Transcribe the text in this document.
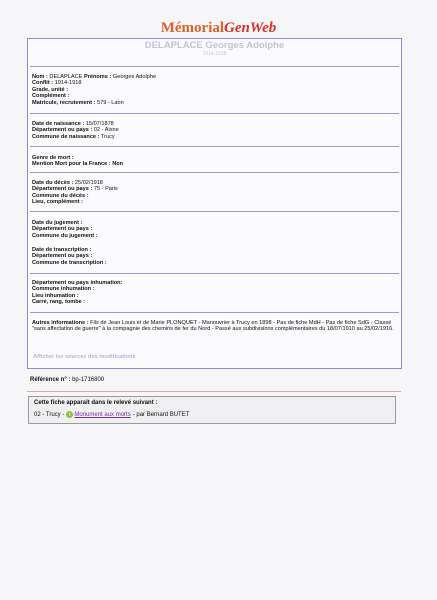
MémorialGenWeb
DELAPLACE Georges Adolphe
1914-1918
Nom : DELAPLACE Prénoms : Georges Adolphe
Conflit : 1914-1918
Grade, unité :
Complément :
Matricule, recrutement : 579 - Laon
Date de naissance : 15/07/1878
Département ou pays : 02 - Aisne
Commune de naissance : Trucy
Genre de mort :
Mention Mort pour la France : Non
Date du décès : 25/02/1918
Département ou pays : 75 - Paris
Commune du décès :
Lieu, complément :
Date du jugement :
Département ou pays :
Commune du jugement :
Date de transcription :
Département ou pays :
Commune de transcription :
Département ou pays inhumation:
Commune inhumation :
Lieu inhumation :
Carré, rang, tombe :
Autres informations : Fils de Jean Louis et de Marie PLONQUET - Manouvrier à Trucy en 1898 - Pas de fiche MdH - Pas de fiche SdG - Classé "sans affectation de guerre" à la compagnie des chemins de fer du Nord - Passé aux subdivisions complémentaires du 18/07/1910 au 25/02/1916.
Afficher les sources des modifications
Référence n° : bp-1716800
Cette fiche apparaît dans le relevé suivant :
02 - Trucy - i Monument aux morts - par Bernard BUTET
